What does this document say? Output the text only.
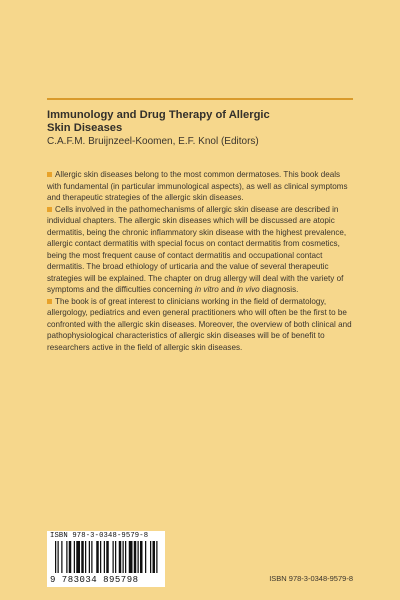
Immunology and Drug Therapy of Allergic
Skin Diseases
C.A.F.M. Bruijnzeel-Koomen, E.F. Knol (Editors)

Allergic skin diseases belong to the most common dermatoses. This book deals with fundamental (in particular immunological aspects), as well as clinical symptoms and therapeutic strategies of the allergic skin diseases.

Cells involved in the pathomechanisms of allergic skin disease are described in individual chapters. The allergic skin diseases which will be discussed are atopic dermatitis, being the chronic inflammatory skin disease with the highest prevalence, allergic contact dermatitis with special focus on contact dermatitis from cosmetics, being the most frequent cause of contact dermatitis and occupational contact dermatitis. The broad ethiology of urticaria and the value of several therapeutic strategies will be explained. The chapter on drug allergy will deal with the variety of symptoms and the difficulties concerning in vitro and in vivo diagnosis.

The book is of great interest to clinicians working in the field of dermatology, allergology, pediatrics and even general practitioners who will often be the first to be confronted with the allergic skin diseases. Moreover, the overview of both clinical and pathophysiological characteristics of allergic skin diseases will be of benefit to researchers active in the field of allergic skin diseases.

ISBN 978-3-0348-9579-8
9 783034 895798	ISBN 978-3-0348-9579-8
